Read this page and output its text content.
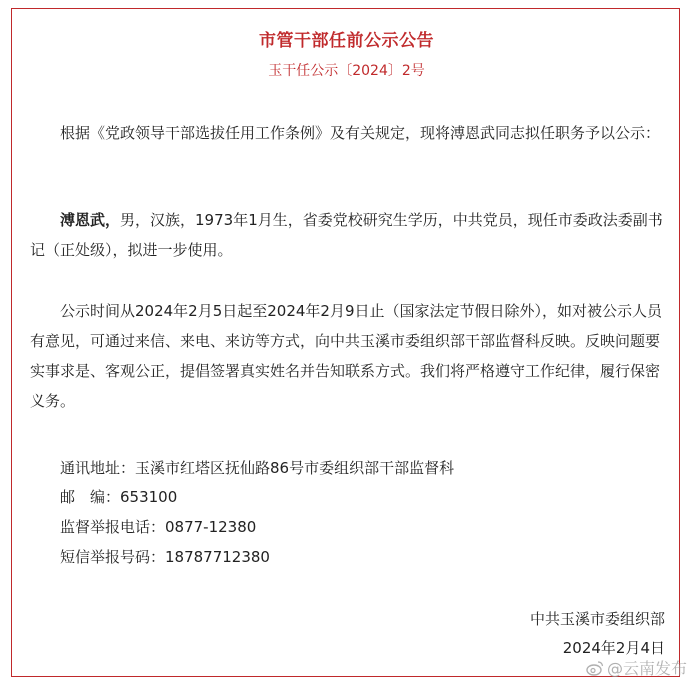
市管干部任前公示公告
玉干任公示〔2024〕2号

根据《党政领导干部选拔任用工作条例》及有关规定，现将溥恩武同志拟任职务予以公示：

溥恩武，男，汉族，1973年1月生，省委党校研究生学历，中共党员，现任市委政法委副书记（正处级），拟进一步使用。

公示时间从2024年2月5日起至2024年2月9日止（国家法定节假日除外），如对被公示人员有意见，可通过来信、来电、来访等方式，向中共玉溪市委组织部干部监督科反映。反映问题要实事求是、客观公正，提倡签署真实姓名并告知联系方式。我们将严格遵守工作纪律，履行保密义务。

通讯地址：玉溪市红塔区抚仙路86号市委组织部干部监督科
邮　编：653100
监督举报电话：0877-12380
短信举报号码：18787712380
中共玉溪市委组织部
2024年2月4日
@云南发布
